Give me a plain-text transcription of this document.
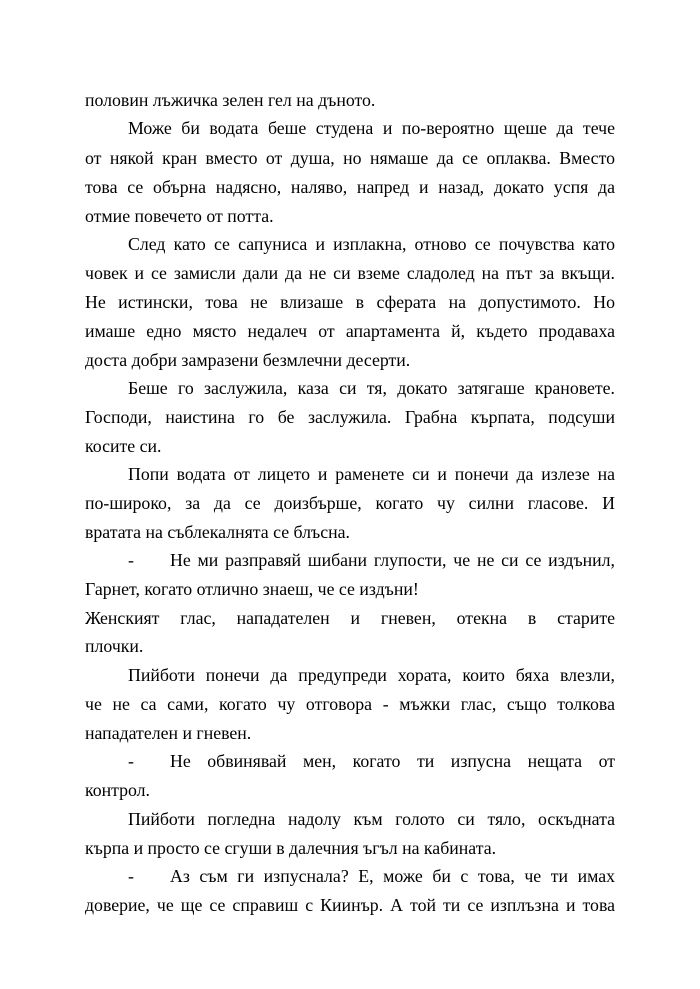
половин лъжичка зелен гел на дъното.
Може би водата беше студена и по-вероятно щеше да тече
от някой кран вместо от душа, но нямаше да се оплаква. Вместо
това се обърна надясно, наляво, напред и назад, докато успя да
отмие повечето от потта.
След като се сапуниса и изплакна, отново се почувства като
човек и се замисли дали да не си вземе сладолед на път за вкъщи.
Не истински, това не влизаше в сферата на допустимото. Но
имаше едно място недалеч от апартамента й, където продаваха
доста добри замразени безмлечни десерти.
Беше го заслужила, каза си тя, докато затягаше крановете.
Господи, наистина го бе заслужила. Грабна кърпата, подсуши
косите си.
Попи водата от лицето и раменете си и понечи да излезе на
по-широко, за да се доизбърше, когато чу силни гласове. И
вратата на съблекалнята се блъсна.
- Не ми разправяй шибани глупости, че не си се издънил,
Гарнет, когато отлично знаеш, че се издъни!
Женският глас, нападателен и гневен, отекна в старите
плочки.
Пийботи понечи да предупреди хората, които бяха влезли,
че не са сами, когато чу отговора - мъжки глас, също толкова
нападателен и гневен.
- Не обвинявай мен, когато ти изпусна нещата от
контрол.
Пийботи погледна надолу към голото си тяло, оскъдната
кърпа и просто се сгуши в далечния ъгъл на кабината.
- Аз съм ги изпуснала? Е, може би с това, че ти имах
доверие, че ще се справиш с Киинър. А той ти се изплъзна и това
